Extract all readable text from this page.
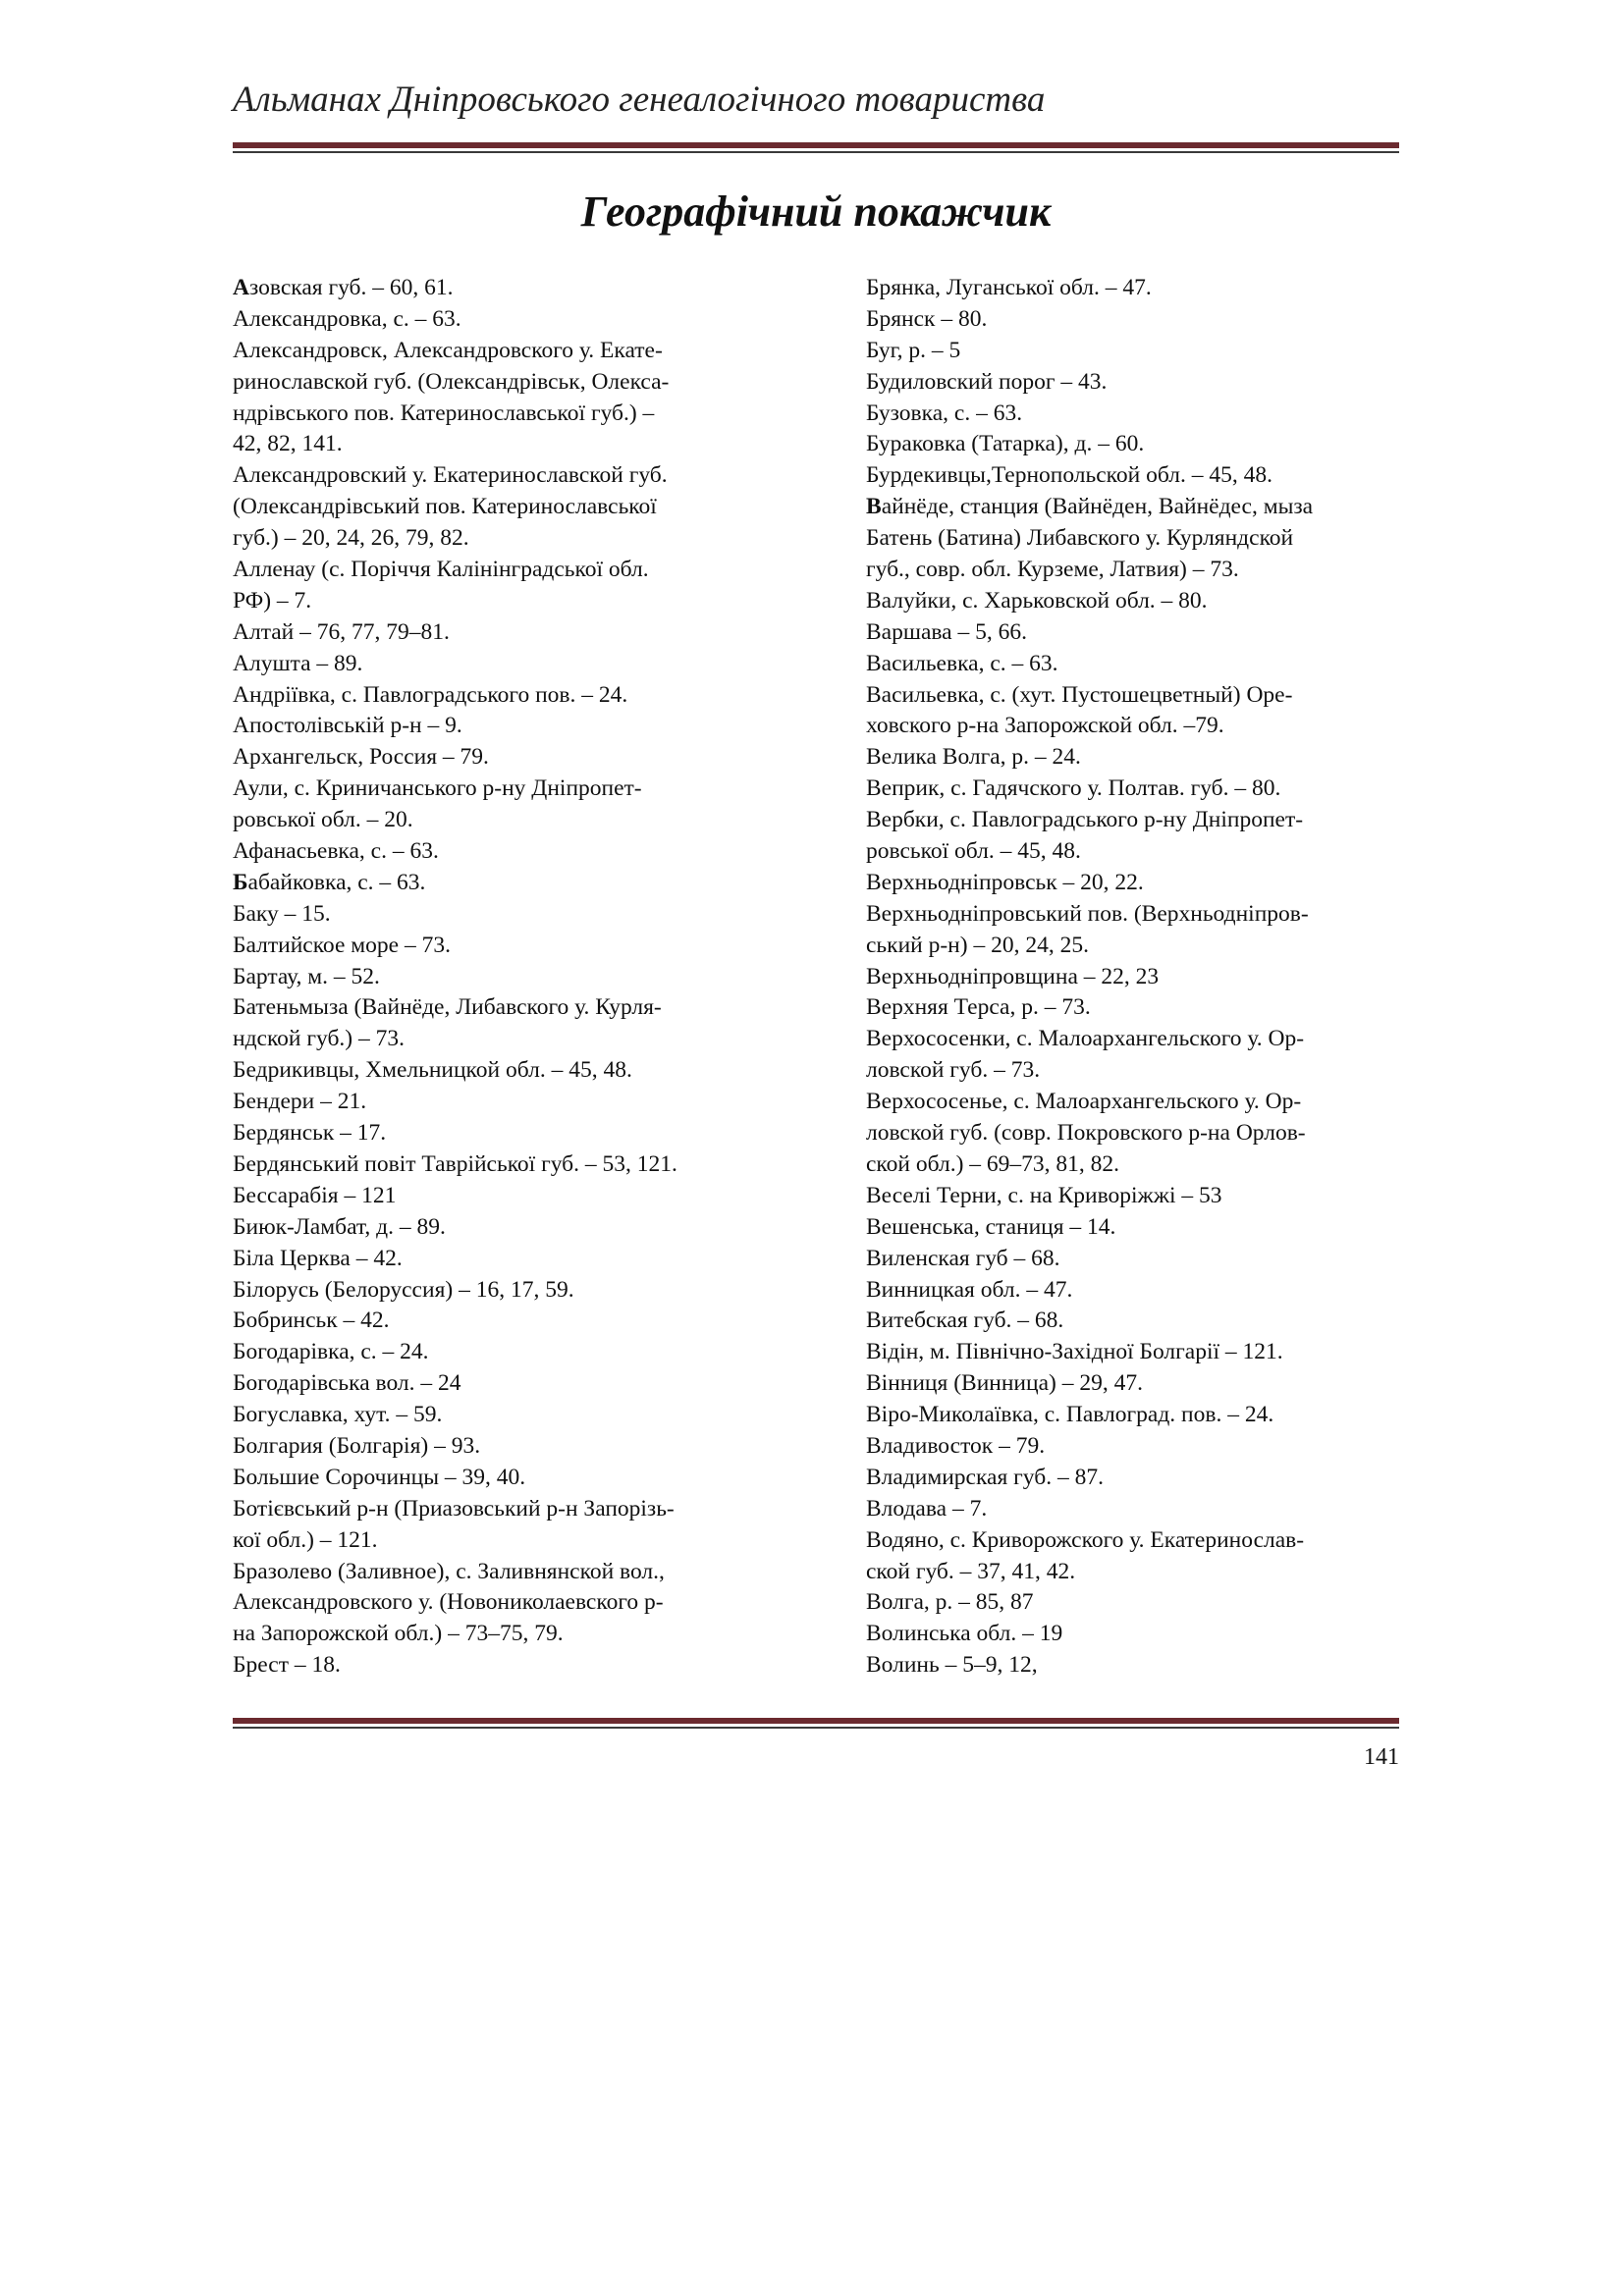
Альманах Дніпровського генеалогічного товариства
Географічний покажчик
Азовская губ. – 60, 61.
Александровка, с. – 63.
Александровск, Александровского у. Екате-
ринославской губ. (Олександрівськ, Олекса-
ндрівського пов. Катеринославської губ.) –
42, 82, 141.
Александровский у. Екатеринославской губ.
(Олександрівський пов. Катеринославської
губ.) – 20, 24, 26, 79, 82.
Алленау (с. Поріччя Калінінградської обл.
РФ) – 7.
Алтай – 76, 77, 79–81.
Алушта – 89.
Андріївка, с. Павлоградського пов. – 24.
Апостолівській р-н – 9.
Архангельск, Россия – 79.
Аули, с. Криничанського р-ну Дніпропет-
ровської обл. – 20.
Афанасьевка, с. – 63.
Бабайковка, с. – 63.
Баку – 15.
Балтийское море – 73.
Бартау, м. – 52.
Батеньмыза (Вайнёде, Либавского у. Курля-
ндской губ.) – 73.
Бедрикивцы, Хмельницкой обл. – 45, 48.
Бендери – 21.
Бердянськ – 17.
Бердянський повіт Таврійської губ. – 53, 121.
Бессарабія – 121
Биюк-Ламбат, д. – 89.
Біла Церква – 42.
Білорусь (Белоруссия) – 16, 17, 59.
Бобринськ – 42.
Богодарівка, с. – 24.
Богодарівська вол. – 24
Богуславка, хут. – 59.
Болгария (Болгарія) – 93.
Большие Сорочинцы – 39, 40.
Ботієвський р-н (Приазовський р-н Запорізь-
кої обл.) – 121.
Бразолево (Заливное), с. Заливнянской вол.,
Александровского у. (Новониколаевского р-
на Запорожской обл.) – 73–75, 79.
Брест – 18.
Брянка, Луганської обл. – 47.
Брянск – 80.
Буг, р. – 5
Будиловский порог – 43.
Бузовка, с. – 63.
Бураковка (Татарка), д. – 60.
Бурдекивцы,Тернопольской обл. – 45, 48.
Вайнёде, станция (Вайнёден, Вайнёдес, мыза
Батень (Батина) Либавского у. Курляндской
губ., совр. обл. Курземе, Латвия) – 73.
Валуйки, с. Харьковской обл. – 80.
Варшава – 5, 66.
Васильевка, с. – 63.
Васильевка, с. (хут. Пустошецветный) Оре-
ховского р-на Запорожской обл. –79.
Велика Волга, р. – 24.
Веприк, с. Гадячского у. Полтав. губ. – 80.
Вербки, с. Павлоградського р-ну Дніпропет-
ровської обл. – 45, 48.
Верхньодніпровськ – 20, 22.
Верхньодніпровський пов. (Верхньодніпров-
ський р-н) – 20, 24, 25.
Верхньодніпровщина – 22, 23
Верхняя Терса, р. – 73.
Верхососенки, с. Малоархангельского у. Ор-
ловской губ. – 73.
Верхососенье, с. Малоархангельского у. Ор-
ловской губ. (совр. Покровского р-на Орлов-
ской обл.) – 69–73, 81, 82.
Веселі Терни, с. на Криворіжжі – 53
Вешенська, станиця – 14.
Виленская губ – 68.
Винницкая обл. – 47.
Витебская губ. – 68.
Відін, м. Північно-Західної Болгарії – 121.
Вінниця (Винница) – 29, 47.
Віро-Миколаївка, с. Павлоград. пов. – 24.
Владивосток – 79.
Владимирская губ. – 87.
Влодава – 7.
Водяно, с. Криворожского у. Екатеринослав-
ской губ. – 37, 41, 42.
Волга, р. – 85, 87
Волинська обл. – 19
Волинь – 5–9, 12,
141
